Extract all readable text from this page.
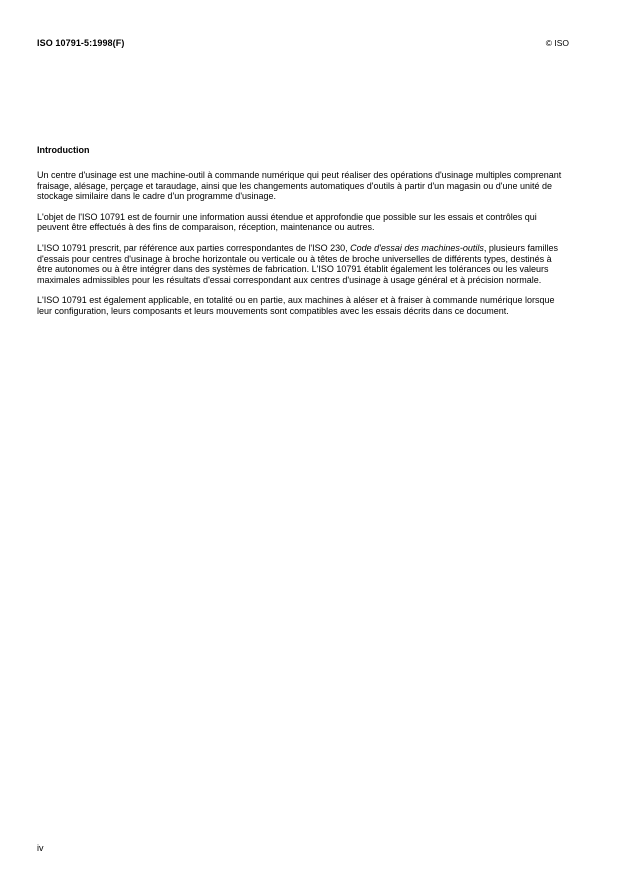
ISO 10791-5:1998(F)	© ISO
Introduction

Un centre d'usinage est une machine-outil à commande numérique qui peut réaliser des opérations d'usinage multiples comprenant fraisage, alésage, perçage et taraudage, ainsi que les changements automatiques d'outils à partir d'un magasin ou d'une unité de stockage similaire dans le cadre d'un programme d'usinage.

L'objet de l'ISO 10791 est de fournir une information aussi étendue et approfondie que possible sur les essais et contrôles qui peuvent être effectués à des fins de comparaison, réception, maintenance ou autres.

L'ISO 10791 prescrit, par référence aux parties correspondantes de l'ISO 230, Code d'essai des machines-outils, plusieurs familles d'essais pour centres d'usinage à broche horizontale ou verticale ou à têtes de broche universelles de différents types, destinés à être autonomes ou à être intégrer dans des systèmes de fabrication. L'ISO 10791 établit également les tolérances ou les valeurs maximales admissibles pour les résultats d'essai correspondant aux centres d'usinage à usage général et à précision normale.

L'ISO 10791 est également applicable, en totalité ou en partie, aux machines à aléser et à fraiser à commande numérique lorsque leur configuration, leurs composants et leurs mouvements sont compatibles avec les essais décrits dans ce document.

iv
